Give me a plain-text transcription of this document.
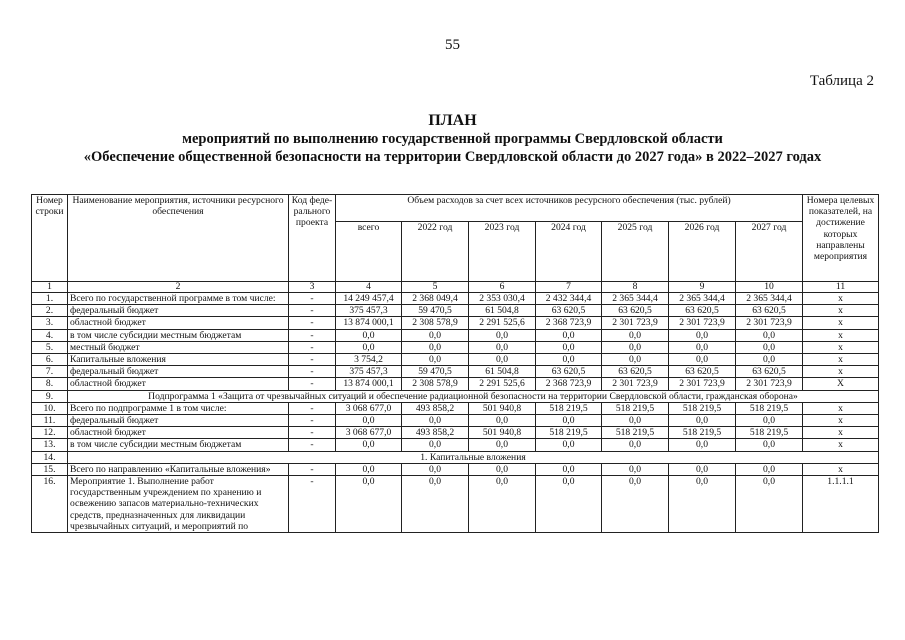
55
Таблица 2
ПЛАН
мероприятий по выполнению государственной программы Свердловской области
«Обеспечение общественной безопасности на территории Свердловской области до 2027 года» в 2022–2027 годах
Номер строки	Наименование мероприятия, источники ресурсного обеспечения	Код феде-рального проекта	Объем расходов за счет всех источников ресурсного обеспечения (тыс. рублей)							Номера целевых показателей, на достижение которых направлены мероприятия
			всего	2022 год	2023 год	2024 год	2025 год	2026 год	2027 год	
1	2	3	4	5	6	7	8	9	10	11
1.	Всего по государственной программе в том числе:	-	14 249 457,4	2 368 049,4	2 353 030,4	2 432 344,4	2 365 344,4	2 365 344,4	2 365 344,4	х
2.	федеральный бюджет	-	375 457,3	59 470,5	61 504,8	63 620,5	63 620,5	63 620,5	63 620,5	х
3.	областной бюджет	-	13 874 000,1	2 308 578,9	2 291 525,6	2 368 723,9	2 301 723,9	2 301 723,9	2 301 723,9	х
4.	в том числе субсидии местным бюджетам	-	0,0	0,0	0,0	0,0	0,0	0,0	0,0	х
5.	местный бюджет	-	0,0	0,0	0,0	0,0	0,0	0,0	0,0	х
6.	Капитальные вложения	-	3 754,2	0,0	0,0	0,0	0,0	0,0	0,0	х
7.	федеральный бюджет	-	375 457,3	59 470,5	61 504,8	63 620,5	63 620,5	63 620,5	63 620,5	х
8.	областной бюджет	-	13 874 000,1	2 308 578,9	2 291 525,6	2 368 723,9	2 301 723,9	2 301 723,9	2 301 723,9	Х
9.	Подпрограмма 1 «Защита от чрезвычайных ситуаций и обеспечение радиационной безопасности на территории Свердловской области, гражданская оборона»									
10.	Всего по подпрограмме 1 в том числе:	-	3 068 677,0	493 858,2	501 940,8	518 219,5	518 219,5	518 219,5	518 219,5	х
11.	федеральный бюджет	-	0,0	0,0	0,0	0,0	0,0	0,0	0,0	х
12.	областной бюджет	-	3 068 677,0	493 858,2	501 940,8	518 219,5	518 219,5	518 219,5	518 219,5	х
13.	в том числе субсидии местным бюджетам	-	0,0	0,0	0,0	0,0	0,0	0,0	0,0	х
14.	1. Капитальные вложения									
15.	Всего по направлению «Капитальные вложения»	-	0,0	0,0	0,0	0,0	0,0	0,0	0,0	х
16.	Мероприятие 1. Выполнение работ государственным учреждением по хранению и освежению запасов материально-технических средств, предназначенных для ликвидации чрезвычайных ситуаций, и мероприятий по	-	0,0	0,0	0,0	0,0	0,0	0,0	0,0	1.1.1.1
